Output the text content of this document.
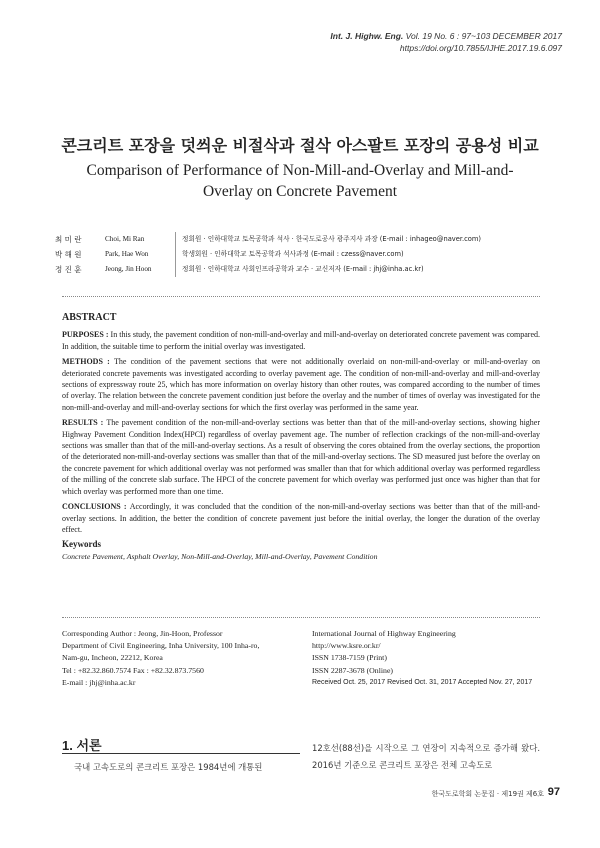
Int. J. Highw. Eng. Vol. 19 No. 6 : 97~103 DECEMBER 2017
https://doi.org/10.7855/IJHE.2017.19.6.097
콘크리트 포장을 덧씌운 비절삭과 절삭 아스팔트 포장의 공용성 비교
Comparison of Performance of Non-Mill-and-Overlay and Mill-and-Overlay on Concrete Pavement
최 미 란	Choi, Mi Ran	정회원 · 인하대학교 토목공학과 석사 · 한국도로공사 광주지사 과장 (E-mail : inhageo@naver.com)
박 해 원	Park, Hae Won	학생회원 · 인하대학교 토목공학과 석사과정 (E-mail : czess@naver.com)
정 진 훈	Jeong, Jin Hoon	정회원 · 인하대학교 사회인프라공학과 교수 · 교신저자 (E-mail : jhj@inha.ac.kr)
ABSTRACT

PURPOSES : In this study, the pavement condition of non-mill-and-overlay and mill-and-overlay on deteriorated concrete pavement was compared. In addition, the suitable time to perform the initial overlay was investigated.

METHODS : The condition of the pavement sections that were not additionally overlaid on non-mill-and-overlay or mill-and-overlay on deteriorated concrete pavements was investigated according to overlay pavement age. The condition of non-mill-and-overlay and mill-and-overlay sections of expressway route 25, which has more information on overlay history than other routes, was compared according to the number of times of overlay. The relation between the concrete pavement condition just before the overlay and the number of times of overlay was investigated for the non-mill-and-overlay and mill-and-overlay sections for which the first overlay was performed in the same year.

RESULTS : The pavement condition of the non-mill-and-overlay sections was better than that of the mill-and-overlay sections, showing higher Highway Pavement Condition Index(HPCI) regardless of overlay pavement age. The number of reflection crackings of the non-mill-and-overlay sections was smaller than that of the mill-and-overlay sections. As a result of observing the cores obtained from the overlay sections, the proportion of the deteriorated non-mill-and-overlay sections was smaller than that of the mill-and-overlay sections. The SD measured just before the overlay on the concrete pavement for which additional overlay was not performed was smaller than that for which additional overlay was performed regardless of the milling of the concrete slab surface. The HPCI of the concrete pavement for which overlay was performed just once was higher than that for which overlay was performed more than one time.

CONCLUSIONS : Accordingly, it was concluded that the condition of the non-mill-and-overlay sections was better than that of the mill-and-overlay sections. In addition, the better the condition of concrete pavement just before the initial overlay, the longer the duration of the overlay effect.

Keywords
Concrete Pavement, Asphalt Overlay, Non-Mill-and-Overlay, Mill-and-Overlay, Pavement Condition
Corresponding Author : Jeong, Jin-Hoon, Professor
Department of Civil Engineering, Inha University, 100 Inha-ro,
Nam-gu, Incheon, 22212, Korea
Tel : +82.32.860.7574 Fax : +82.32.873.7560
E-mail : jhj@inha.ac.kr
International Journal of Highway Engineering
http://www.ksre.or.kr/
ISSN 1738-7159 (Print)
ISSN 2287-3678 (Online)
Received Oct. 25, 2017 Revised Oct. 31, 2017 Accepted Nov. 27, 2017
1. 서론
국내 고속도로의 콘크리트 포장은 1984년에 개통된
12호선(88선)을 시작으로 그 연장이 지속적으로 증가해 왔다. 2016년 기준으로 콘크리트 포장은 전체 고속도로
한국도로학회 논문집 · 제19권 제6호 97
